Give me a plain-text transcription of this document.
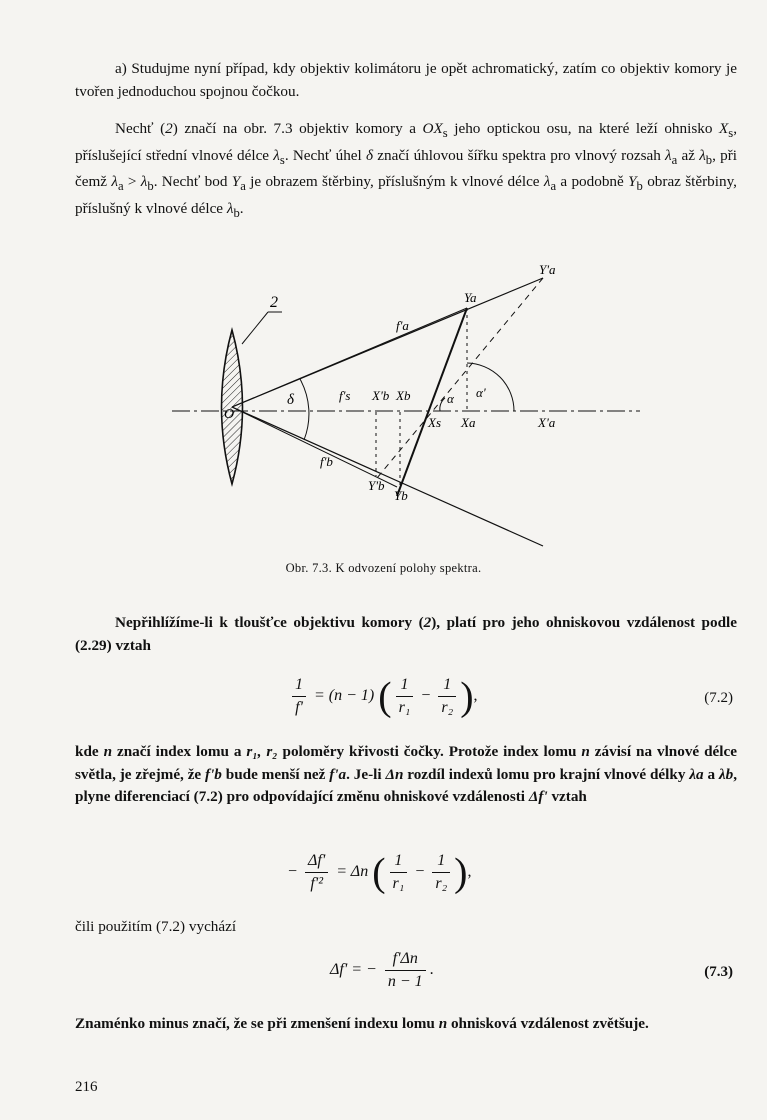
a) Studujme nyní případ, kdy objektiv kolimátoru je opět achromatický, zatím co objektiv komory je tvořen jednoduchou spojnou čočkou.

Nechť (2) značí na obr. 7.3 objektiv komory a $OX_s$ jeho optickou osu, na které leží ohnisko $X_s$, příslušející střední vlnové délce $\lambda_s$. Nechť úhel δ značí úhlovou šířku spektra pro vlnový rozsah $\lambda_a$ až $\lambda_b$, při čemž $\lambda_a > \lambda_b$. Nechť bod $Y_a$ je obrazem štěrbiny, příslušným k vlnové délce $\lambda_a$ a podobně $Y_b$ obraz štěrbiny, příslušný k vlnové délce $\lambda_b$.

2
O
δ
f'a
f's
f'b
X'b Xb
Xs Xa	X'a
Ya
Y'a
Y'b
Yb
α α'
Obr. 7.3. K odvození polohy spektra.

Nepřihlížíme-li k tloušťce objektivu komory (2), platí pro jeho ohniskovou vzdálenost podle (2.29) vztah

$\frac{1}{f'} = (n - 1)$ ( $\frac{1}{\text{r₁}} - \frac{1}{\text{r₂}}$ ),	(7.2)

kde n značí index lomu a r₁, r₂ poloměry křivosti čočky. Protože index lomu n závisí na vlnové délce světla, je zřejmé, že f'b bude menší než f'a. Je-li Δn rozdíl indexů lomu pro krajní vlnové délky λa a λb, plyne diferenciací (7.2) pro odpovídající změnu ohniskové vzdálenosti Δf' vztah

− $\frac{\Delta f'}{\text{f'²}} = \Delta n$ ( $\frac{1}{\text{r₁}} - \frac{1}{\text{r₂}}$ ),

čili použitím (7.2) vychází

Δf' = − $\frac{f'\Delta n}{n - 1}$ .	(7.3)

Znaménko minus značí, že se při zmenšení indexu lomu n ohnisková vzdálenost zvětšuje.

216
